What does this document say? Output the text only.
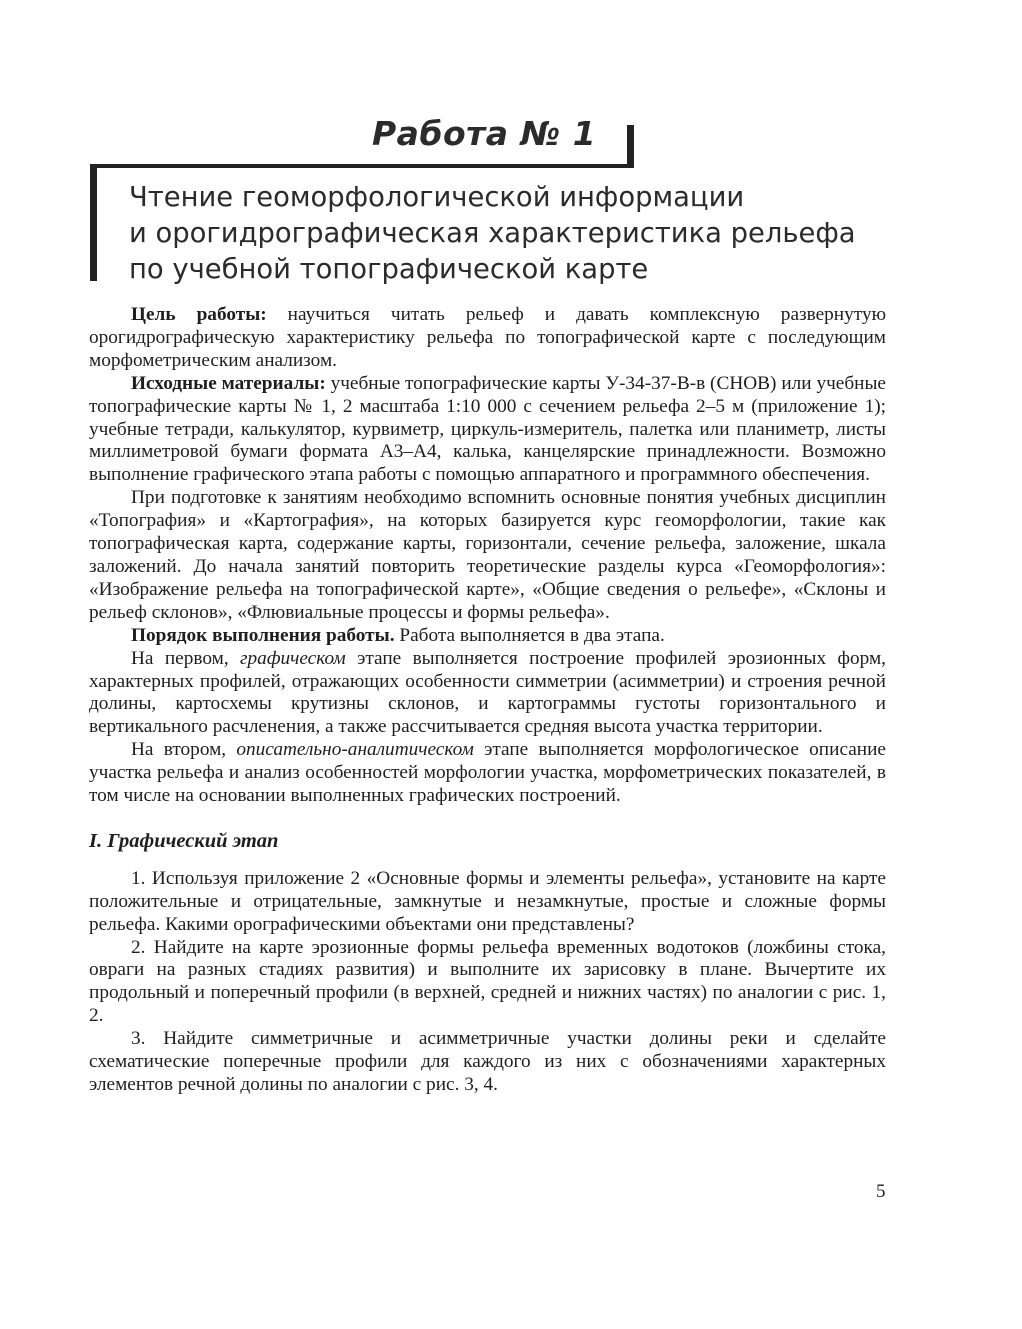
Работа № 1
Чтение геоморфологической информации
и орогидрографическая характеристика рельефа
по учебной топографической карте

Цель работы: научиться читать рельеф и давать комплексную развернутую орогидрографическую характеристику рельефа по топографической карте с последующим морфометрическим анализом.

Исходные материалы: учебные топографические карты У-34-37-В-в (СНОВ) или учебные топографические карты № 1, 2 масштаба 1:10 000 с сечением рельефа 2–5 м (приложение 1); учебные тетради, калькулятор, курвиметр, циркуль-измеритель, палетка или планиметр, листы миллиметровой бумаги формата А3–А4, калька, канцелярские принадлежности. Возможно выполнение графического этапа работы с помощью аппаратного и программного обеспечения.

При подготовке к занятиям необходимо вспомнить основные понятия учебных дисциплин «Топография» и «Картография», на которых базируется курс геоморфологии, такие как топографическая карта, содержание карты, горизонтали, сечение рельефа, заложение, шкала заложений. До начала занятий повторить теоретические разделы курса «Геоморфология»: «Изображение рельефа на топографической карте», «Общие сведения о рельефе», «Склоны и рельеф склонов», «Флювиальные процессы и формы рельефа».

Порядок выполнения работы. Работа выполняется в два этапа.

На первом, графическом этапе выполняется построение профилей эрозионных форм, характерных профилей, отражающих особенности симметрии (асимметрии) и строения речной долины, картосхемы крутизны склонов, и картограммы густоты горизонтального и вертикального расчленения, а также рассчитывается средняя высота участка территории.

На втором, описательно-аналитическом этапе выполняется морфологическое описание участка рельефа и анализ особенностей морфологии участка, морфометрических показателей, в том числе на основании выполненных графических построений.

I. Графический этап

1. Используя приложение 2 «Основные формы и элементы рельефа», установите на карте положительные и отрицательные, замкнутые и незамкнутые, простые и сложные формы рельефа. Какими орографическими объектами они представлены?

2. Найдите на карте эрозионные формы рельефа временных водотоков (ложбины стока, овраги на разных стадиях развития) и выполните их зарисовку в плане. Вычертите их продольный и поперечный профили (в верхней, средней и нижних частях) по аналогии с рис. 1, 2.

3. Найдите симметричные и асимметричные участки долины реки и сделайте схематические поперечные профили для каждого из них с обозначениями характерных элементов речной долины по аналогии с рис. 3, 4.

5
